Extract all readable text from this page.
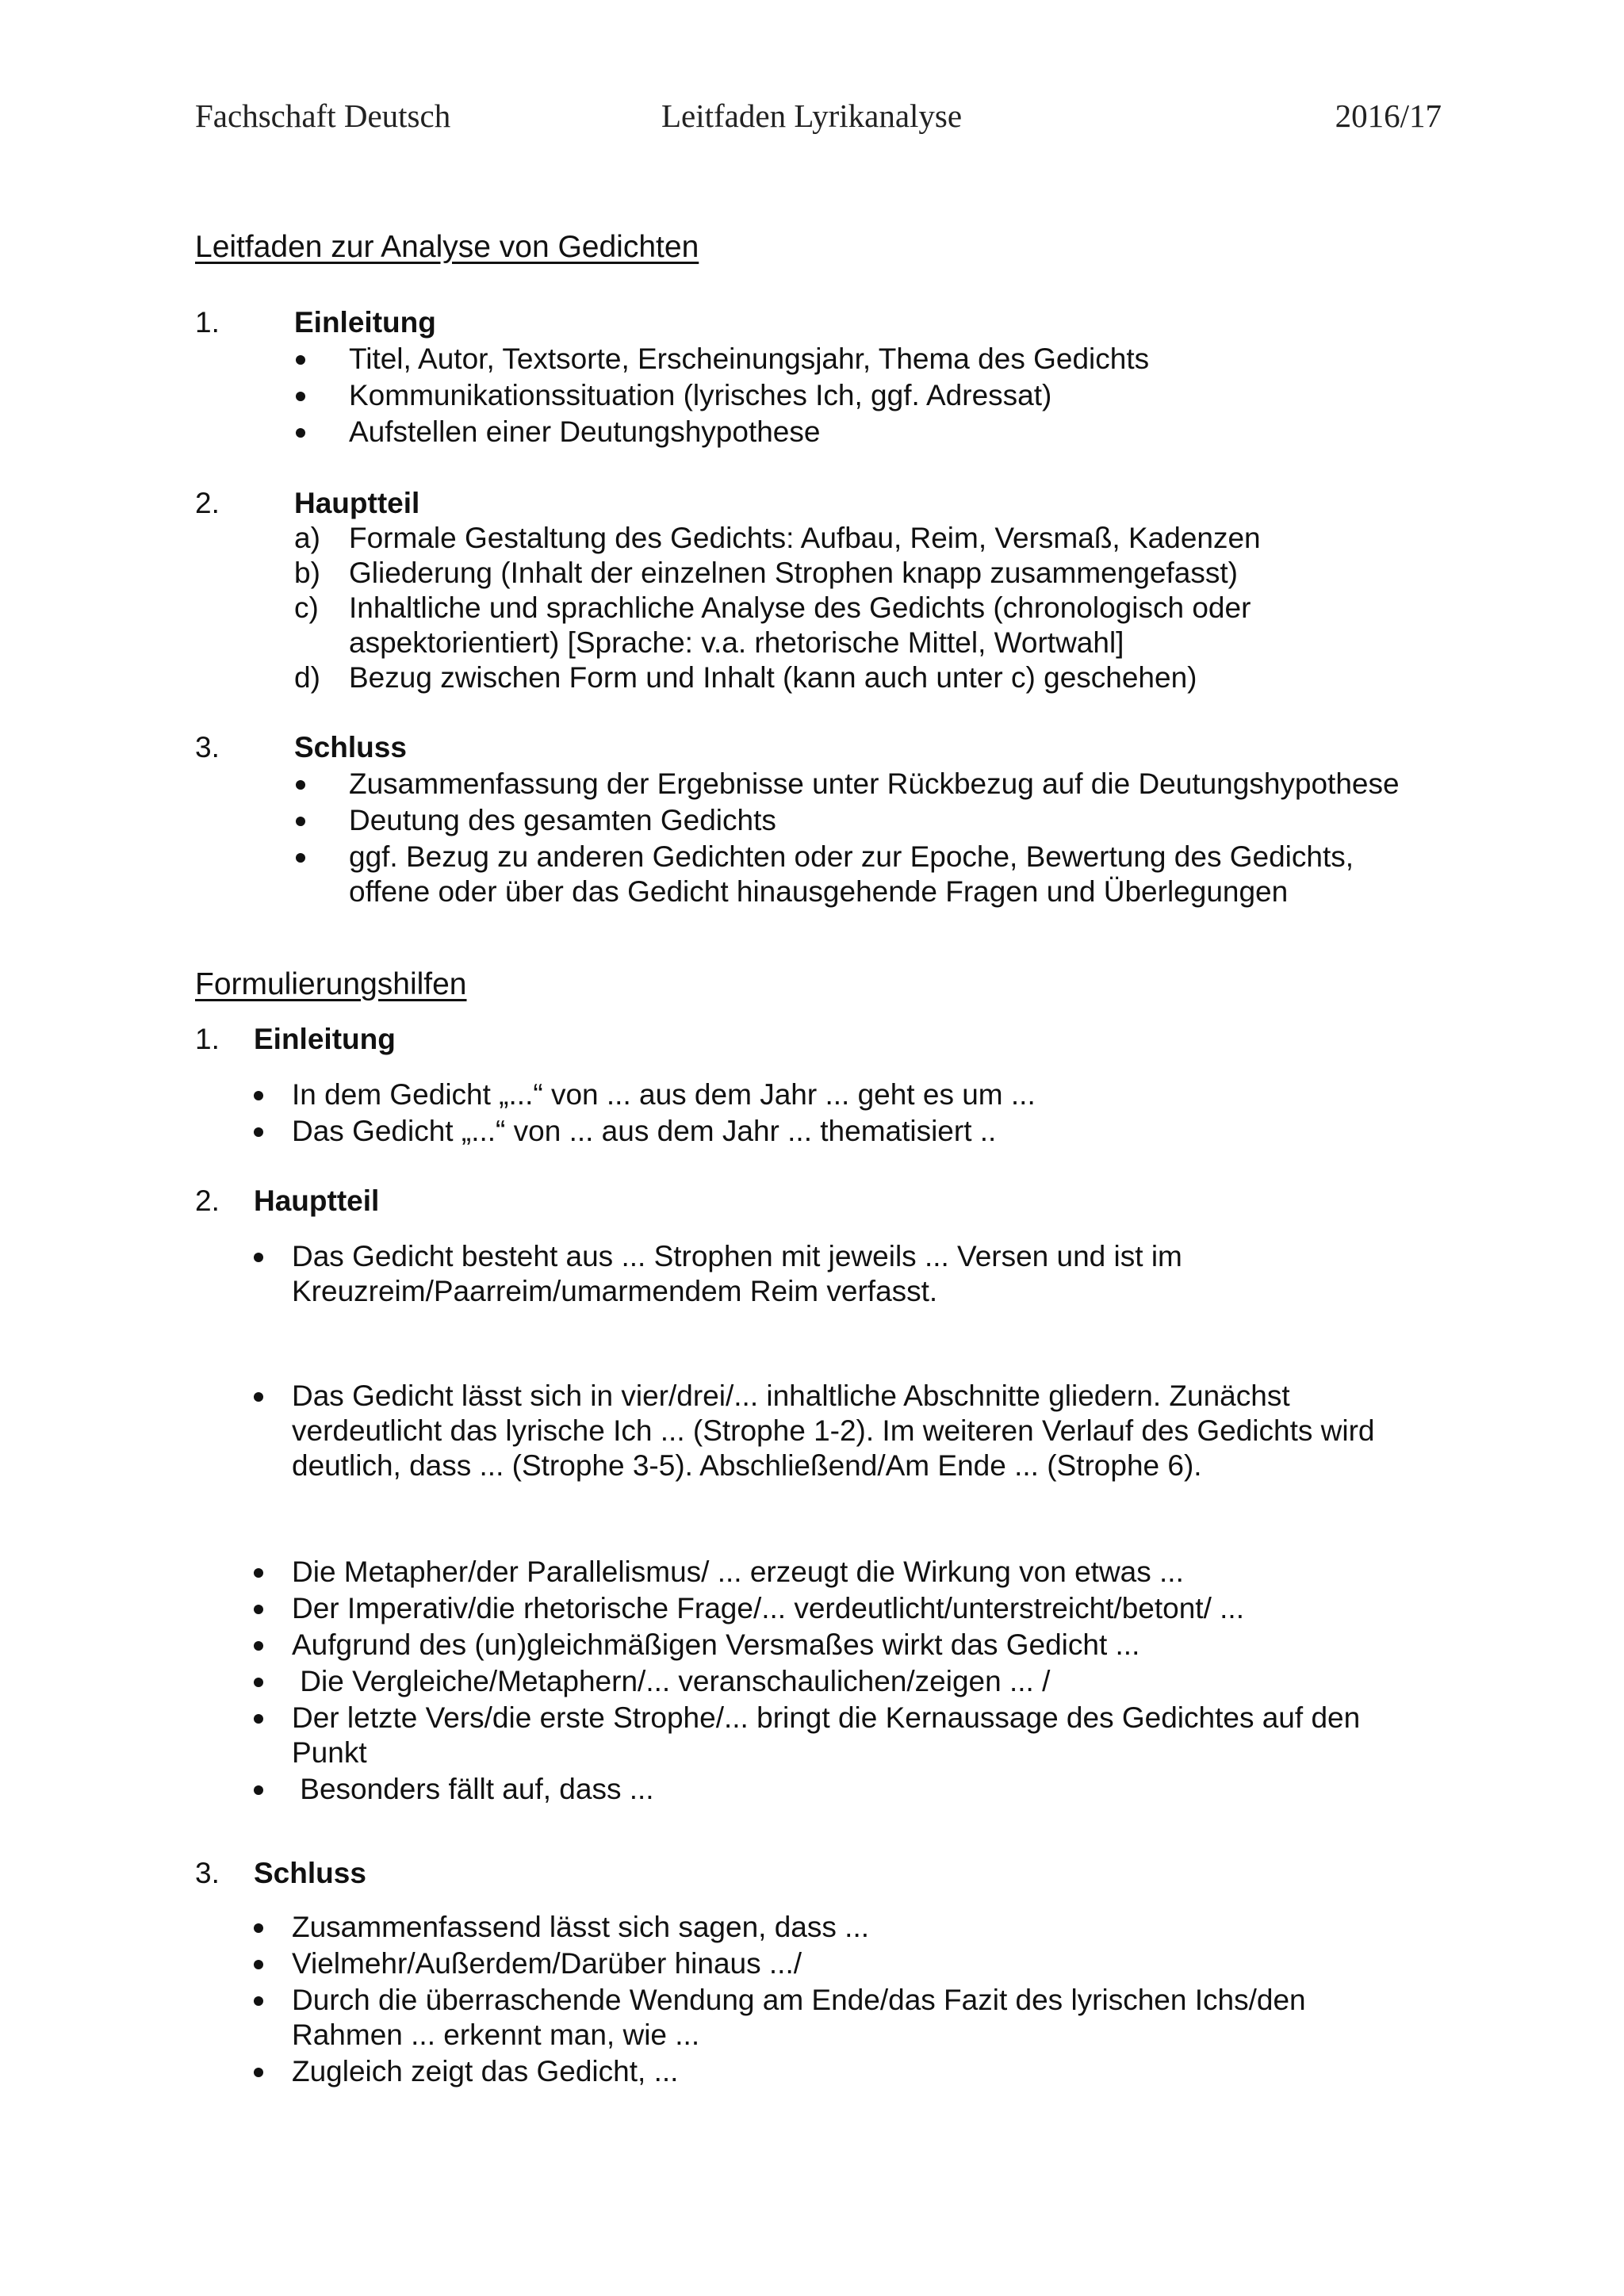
Fachschaft Deutsch	Leitfaden Lyrikanalyse	2016/17
Leitfaden zur Analyse von Gedichten
1.	Einleitung
Titel, Autor, Textsorte, Erscheinungsjahr, Thema des Gedichts
Kommunikationssituation (lyrisches Ich, ggf. Adressat)
Aufstellen einer Deutungshypothese
2.	Hauptteil
a) Formale Gestaltung des Gedichts: Aufbau, Reim, Versmaß, Kadenzen
b) Gliederung (Inhalt der einzelnen Strophen knapp zusammengefasst)
c) Inhaltliche und sprachliche Analyse des Gedichts (chronologisch oder
aspektorientiert) [Sprache: v.a. rhetorische Mittel, Wortwahl]
d) Bezug zwischen Form und Inhalt (kann auch unter c) geschehen)
3.	Schluss
Zusammenfassung der Ergebnisse unter Rückbezug auf die Deutungshypothese
Deutung des gesamten Gedichts
ggf. Bezug zu anderen Gedichten oder zur Epoche, Bewertung des Gedichts,
offene oder über das Gedicht hinausgehende Fragen und Überlegungen
Formulierungshilfen
1. Einleitung
In dem Gedicht „...“ von ... aus dem Jahr ... geht es um ...
Das Gedicht „...“ von ... aus dem Jahr ... thematisiert ..
2. Hauptteil
Das Gedicht besteht aus ... Strophen mit jeweils ... Versen und ist im
Kreuzreim/Paarreim/umarmendem Reim verfasst.
Das Gedicht lässt sich in vier/drei/... inhaltliche Abschnitte gliedern. Zunächst
verdeutlicht das lyrische Ich ... (Strophe 1-2). Im weiteren Verlauf des Gedichts wird
deutlich, dass ... (Strophe 3-5). Abschließend/Am Ende ... (Strophe 6).
Die Metapher/der Parallelismus/ ... erzeugt die Wirkung von etwas ...
Der Imperativ/die rhetorische Frage/... verdeutlicht/unterstreicht/betont/ ...
Aufgrund des (un)gleichmäßigen Versmaßes wirkt das Gedicht ...
Die Vergleiche/Metaphern/... veranschaulichen/zeigen ... /
Der letzte Vers/die erste Strophe/... bringt die Kernaussage des Gedichtes auf den
Punkt
Besonders fällt auf, dass ...
3. Schluss
Zusammenfassend lässt sich sagen, dass ...
Vielmehr/Außerdem/Darüber hinaus .../
Durch die überraschende Wendung am Ende/das Fazit des lyrischen Ichs/den
Rahmen ... erkennt man, wie ...
Zugleich zeigt das Gedicht, ...
